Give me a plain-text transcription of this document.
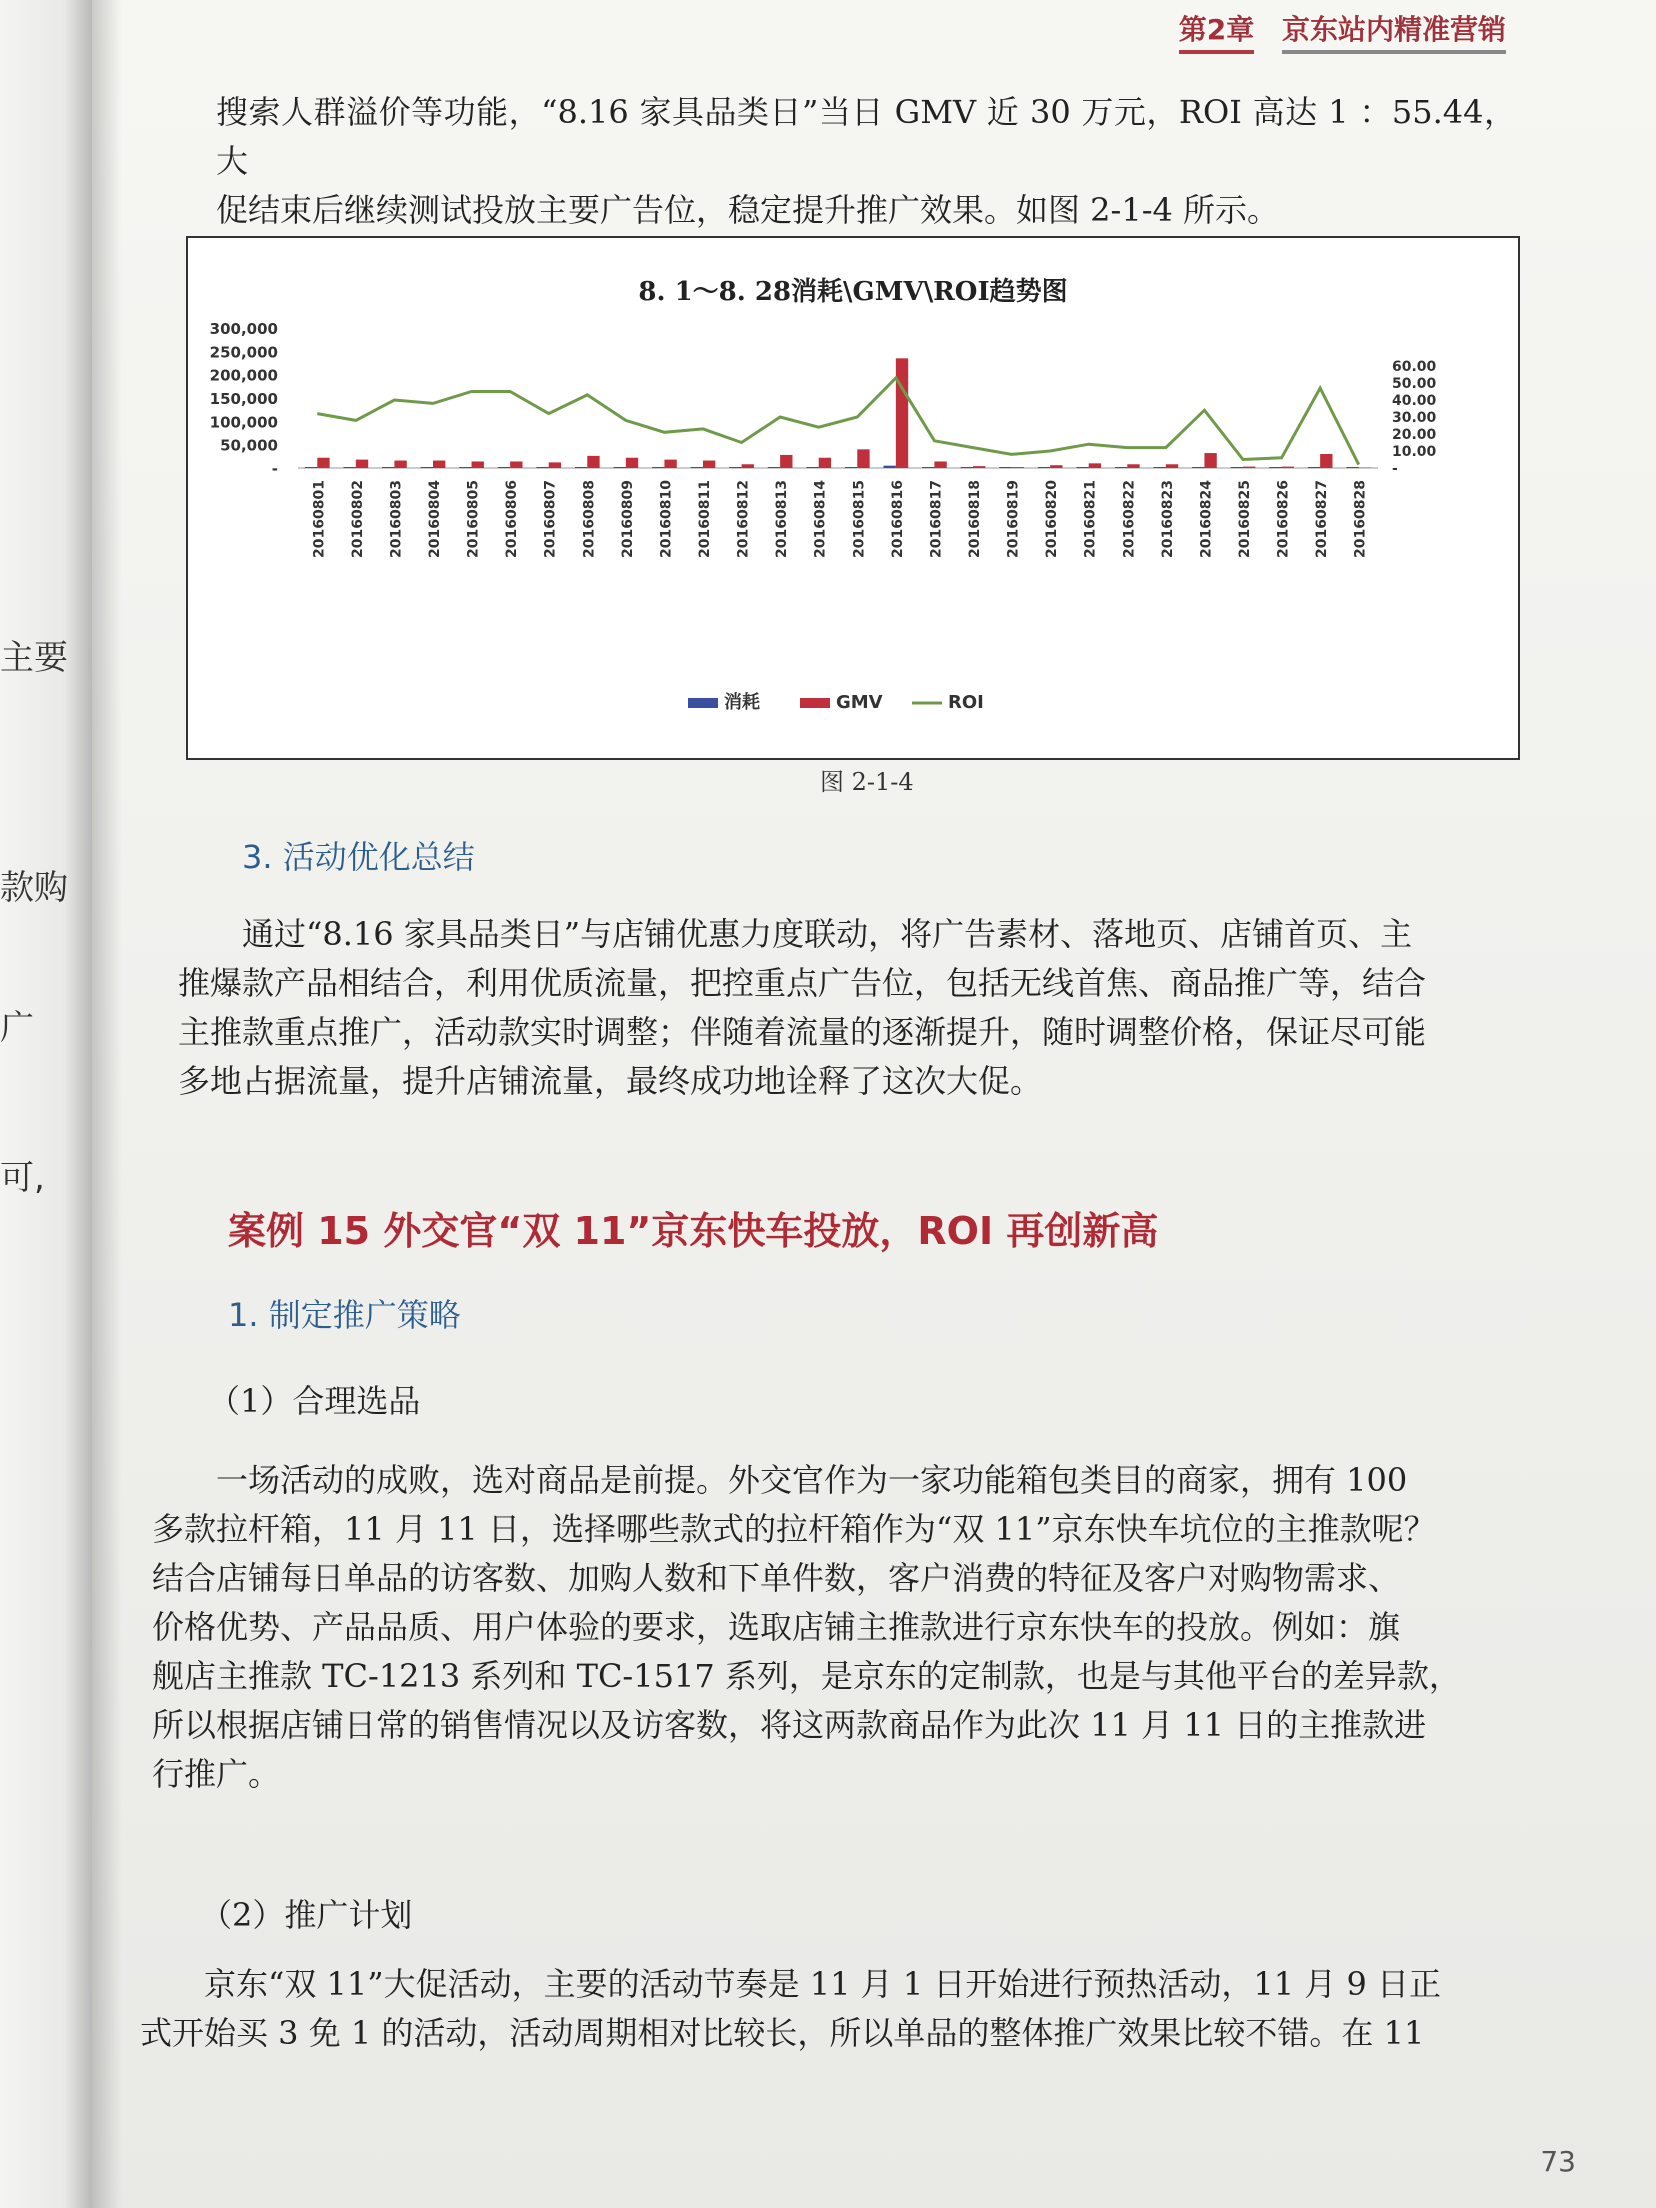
主要
款购
广
可,
第2章 京东站内精准营销
搜索人群溢价等功能，“8.16 家具品类日”当日 GMV 近 30 万元，ROI 高达 1 ：55.44，大
促结束后继续测试投放主要广告位，稳定提升推广效果。如图 2-1-4 所示。
8. 1～8. 28消耗\GMV\ROI趋势图
300,000
250,000
200,000
150,000
100,000
50,000
-
60.00
50.00
40.00
30.00
20.00
10.00
-
20160801 20160802 20160803 20160804 20160805 20160806 20160807 20160808 20160809 20160810 20160811 20160812 20160813 20160814 20160815 20160816 20160817 20160818 20160819 20160820 20160821 20160822 20160823 20160824 20160825 20160826 20160827 20160828
消耗	GMV	ROI
图 2-1-4
3. 活动优化总结
通过“8.16 家具品类日”与店铺优惠力度联动，将广告素材、落地页、店铺首页、主
推爆款产品相结合，利用优质流量，把控重点广告位，包括无线首焦、商品推广等，结合
主推款重点推广，活动款实时调整；伴随着流量的逐渐提升，随时调整价格，保证尽可能
多地占据流量，提升店铺流量，最终成功地诠释了这次大促。
案例 15 外交官“双 11”京东快车投放，ROI 再创新高
1. 制定推广策略
（1）合理选品
一场活动的成败，选对商品是前提。外交官作为一家功能箱包类目的商家，拥有 100
多款拉杆箱，11 月 11 日，选择哪些款式的拉杆箱作为“双 11”京东快车坑位的主推款呢？
结合店铺每日单品的访客数、加购人数和下单件数，客户消费的特征及客户对购物需求、
价格优势、产品品质、用户体验的要求，选取店铺主推款进行京东快车的投放。例如：旗
舰店主推款 TC-1213 系列和 TC-1517 系列，是京东的定制款，也是与其他平台的差异款，
所以根据店铺日常的销售情况以及访客数，将这两款商品作为此次 11 月 11 日的主推款进
行推广。
（2）推广计划
京东“双 11”大促活动，主要的活动节奏是 11 月 1 日开始进行预热活动，11 月 9 日正
式开始买 3 免 1 的活动，活动周期相对比较长，所以单品的整体推广效果比较不错。在 11
73
